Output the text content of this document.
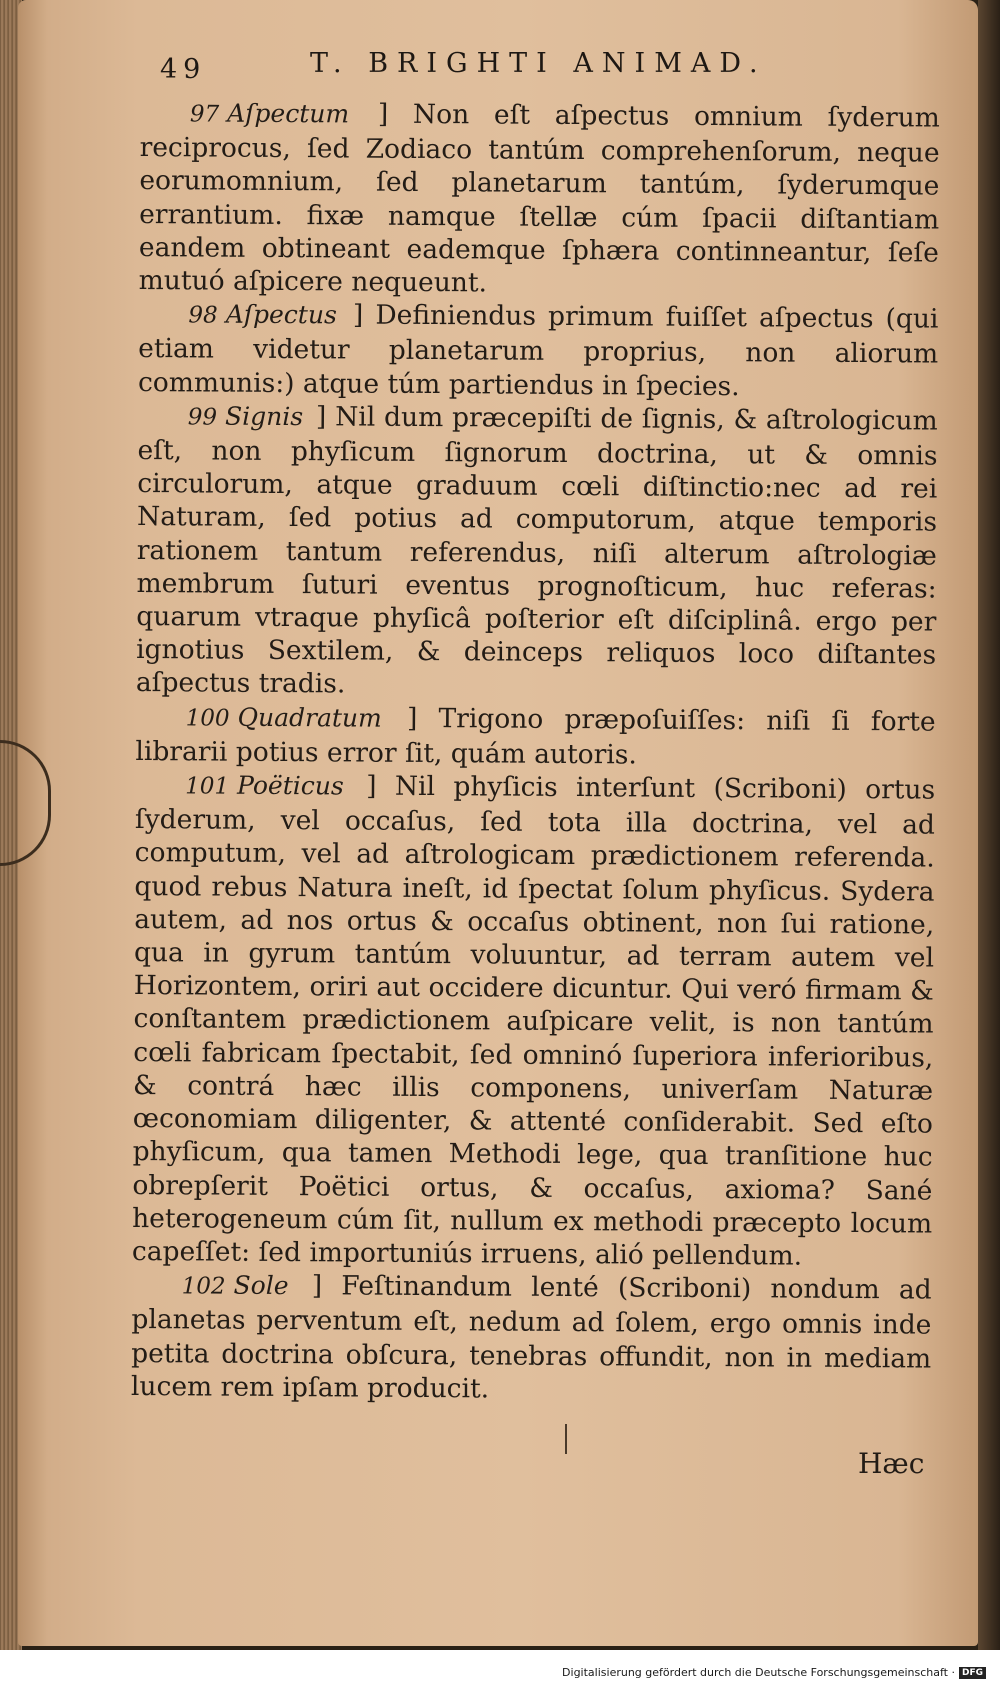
49	T. BRIGHTI ANIMAD.

97 Aſpectum ] Non eſt aſpectus omnium ſyderum reciprocus, ſed Zodiaco tantúm comprehenſorum, neque eorumomnium, ſed planetarum tantúm, ſyderumque errantium. fixæ namque ſtellæ cúm ſpacii diſtantiam eandem obtineant eademque ſphæra continneantur, ſeſe mutuó aſpicere nequeunt.

98 Aſpectus ] Definiendus primum fuiſſet aſpectus (qui etiam videtur planetarum proprius, non aliorum communis:) atque túm partiendus in ſpecies.

99 Signis ] Nil dum præcepiſti de ſignis, & aſtrologicum eſt, non phyſicum ſignorum doctrina, ut & omnis circulorum, atque graduum cœli diſtinctio:nec ad rei Naturam, ſed potius ad computorum, atque temporis rationem tantum referendus, niſi alterum aſtrologiæ membrum ſuturi eventus prognoſticum, huc referas: quarum vtraque phyſicâ poſterior eſt diſciplinâ. ergo per ignotius Sextilem, & deinceps reliquos loco diſtantes aſpectus tradis.

100 Quadratum ] Trigono præpoſuiſſes: niſi ſi forte librarii potius error ſit, quám autoris.

101 Poëticus ] Nil phyſicis interſunt (Scriboni) ortus ſyderum, vel occaſus, ſed tota illa doctrina, vel ad computum, vel ad aſtrologicam prædictionem referenda. quod rebus Natura ineſt, id ſpectat ſolum phyſicus. Sydera autem, ad nos ortus & occaſus obtinent, non ſui ratione, qua in gyrum tantúm voluuntur, ad terram autem vel Horizontem, oriri aut occidere dicuntur. Qui veró firmam & conſtantem prædictionem auſpicare velit, is non tantúm cœli fabricam ſpectabit, ſed omninó ſuperiora inferioribus, & contrá hæc illis componens, univerſam Naturæ œconomiam diligenter, & attenté conſiderabit. Sed eſto phyſicum, qua tamen Methodi lege, qua tranſitione huc obrepſerit Poëtici ortus, & occaſus, axioma? Sané heterogeneum cúm ſit, nullum ex methodi præcepto locum capeſſet: ſed importuniús irruens, alió pellendum.

102 Sole ] Feſtinandum lenté (Scriboni) nondum ad planetas perventum eſt, nedum ad ſolem, ergo omnis inde petita doctrina obſcura, tenebras offundit, non in mediam lucem rem ipſam producit.

Hæc
Digitalisierung gefördert durch die Deutsche Forschungsgemeinschaft · DFG
